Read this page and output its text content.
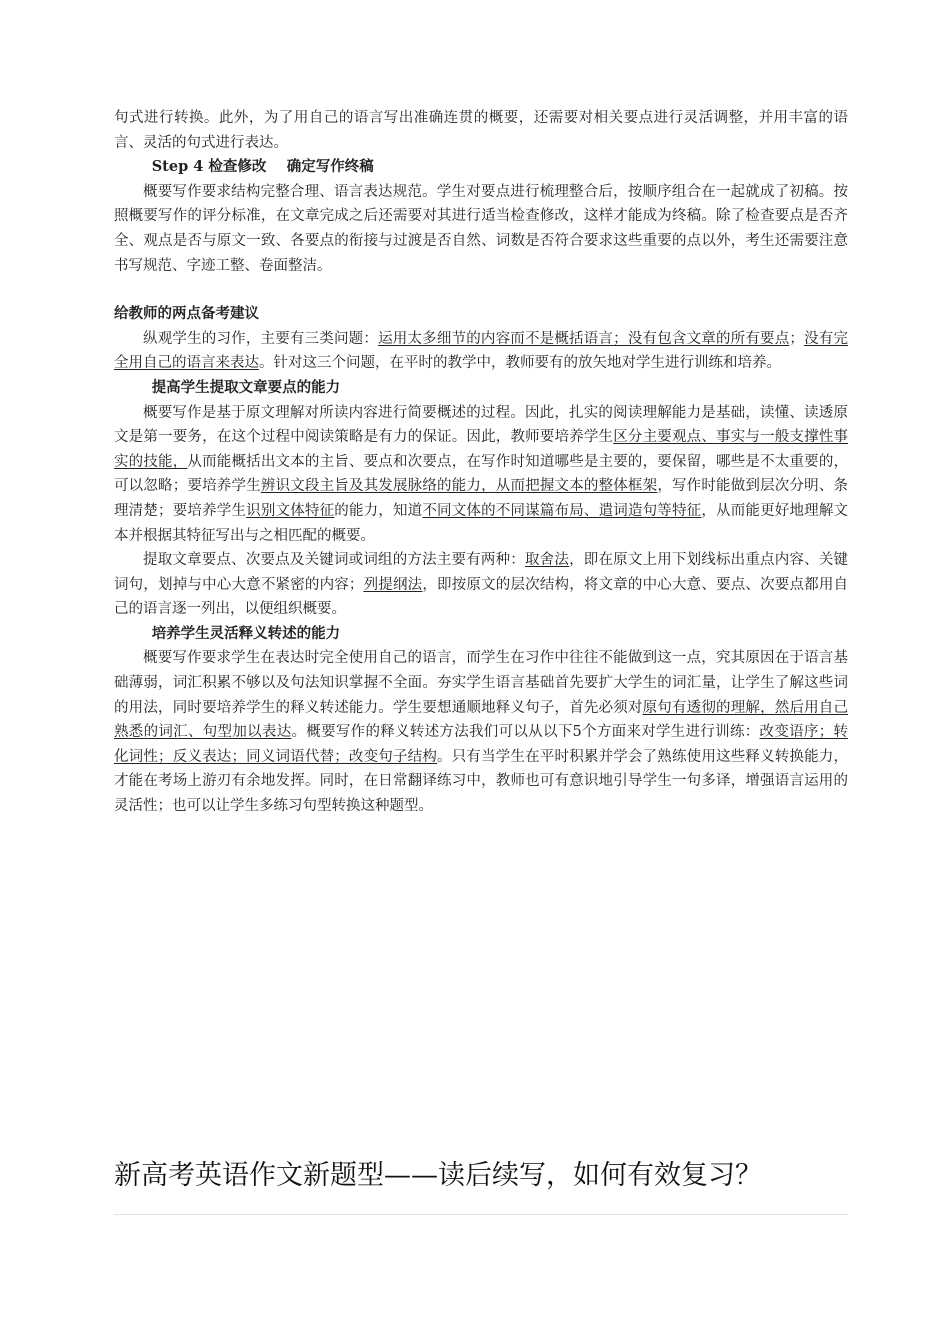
句式进行转换。此外，为了用自己的语言写出准确连贯的概要，还需要对相关要点进行灵活调整，并用丰富的语言、灵活的句式进行表达。

Step 4 检查修改 确定写作终稿

概要写作要求结构完整合理、语言表达规范。学生对要点进行梳理整合后，按顺序组合在一起就成了初稿。按照概要写作的评分标准，在文章完成之后还需要对其进行适当检查修改，这样才能成为终稿。除了检查要点是否齐全、观点是否与原文一致、各要点的衔接与过渡是否自然、词数是否符合要求这些重要的点以外，考生还需要注意书写规范、字迹工整、卷面整洁。

给教师的两点备考建议

纵观学生的习作，主要有三类问题：运用太多细节的内容而不是概括语言；没有包含文章的所有要点；没有完全用自己的语言来表达。针对这三个问题，在平时的教学中，教师要有的放矢地对学生进行训练和培养。

提高学生提取文章要点的能力

概要写作是基于原文理解对所读内容进行简要概述的过程。因此，扎实的阅读理解能力是基础，读懂、读透原文是第一要务，在这个过程中阅读策略是有力的保证。因此，教师要培养学生区分主要观点、事实与一般支撑性事实的技能，从而能概括出文本的主旨、要点和次要点，在写作时知道哪些是主要的，要保留，哪些是不太重要的，可以忽略；要培养学生辨识文段主旨及其发展脉络的能力，从而把握文本的整体框架，写作时能做到层次分明、条理清楚；要培养学生识别文体特征的能力，知道不同文体的不同谋篇布局、遣词造句等特征，从而能更好地理解文本并根据其特征写出与之相匹配的概要。

提取文章要点、次要点及关键词或词组的方法主要有两种：取舍法，即在原文上用下划线标出重点内容、关键词句，划掉与中心大意不紧密的内容；列提纲法，即按原文的层次结构，将文章的中心大意、要点、次要点都用自己的语言逐一列出，以便组织概要。

培养学生灵活释义转述的能力

概要写作要求学生在表达时完全使用自己的语言，而学生在习作中往往不能做到这一点，究其原因在于语言基础薄弱，词汇积累不够以及句法知识掌握不全面。夯实学生语言基础首先要扩大学生的词汇量，让学生了解这些词的用法，同时要培养学生的释义转述能力。学生要想通顺地释义句子，首先必须对原句有透彻的理解，然后用自己熟悉的词汇、句型加以表达。概要写作的释义转述方法我们可以从以下5个方面来对学生进行训练：改变语序；转化词性；反义表达；同义词语代替；改变句子结构。只有当学生在平时积累并学会了熟练使用这些释义转换能力，才能在考场上游刃有余地发挥。同时，在日常翻译练习中，教师也可有意识地引导学生一句多译，增强语言运用的灵活性；也可以让学生多练习句型转换这种题型。

新高考英语作文新题型——读后续写，如何有效复习？
